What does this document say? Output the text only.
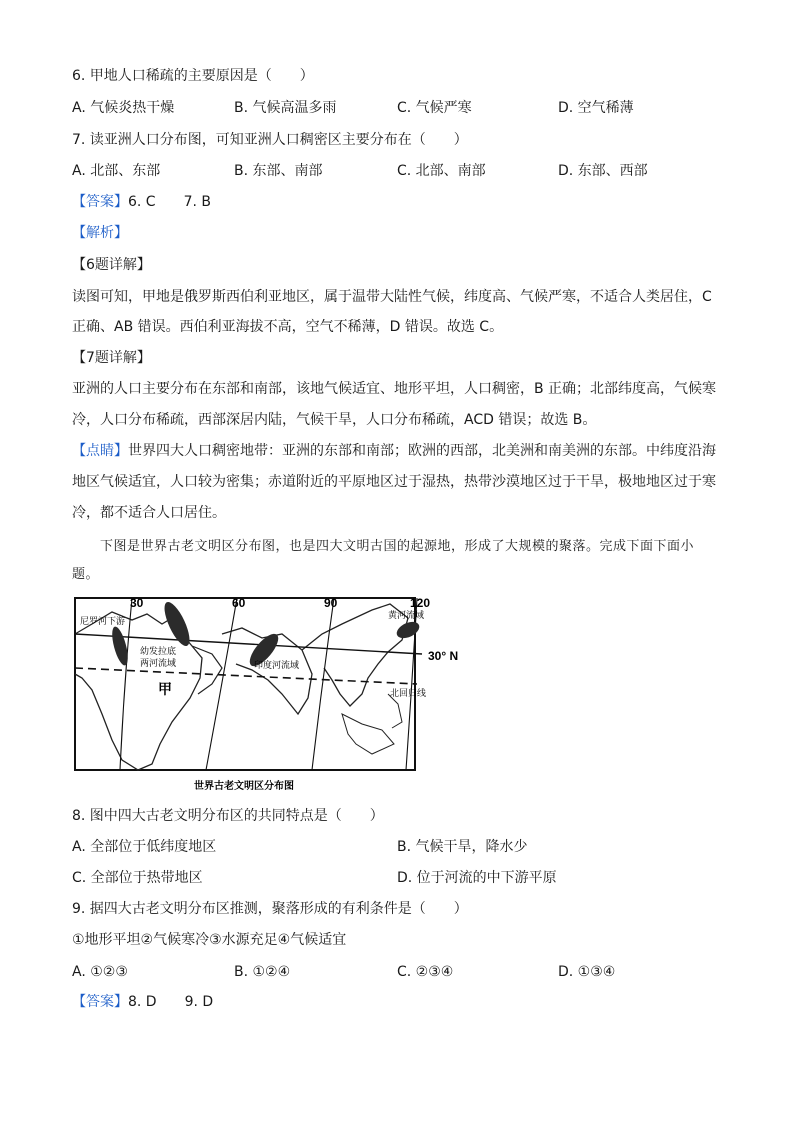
6. 甲地人口稀疏的主要原因是（　　）
A. 气候炎热干燥	B. 气候高温多雨	C. 气候严寒	D. 空气稀薄
7. 读亚洲人口分布图，可知亚洲人口稠密区主要分布在（　　）
A. 北部、东部	B. 东部、南部	C. 北部、南部	D. 东部、西部
【答案】6. C　　7. B
【解析】
【6题详解】
读图可知，甲地是俄罗斯西伯利亚地区，属于温带大陆性气候，纬度高、气候严寒，不适合人类居住，C
正确、AB 错误。西伯利亚海拔不高，空气不稀薄，D 错误。故选 C。
【7题详解】
亚洲的人口主要分布在东部和南部，该地气候适宜、地形平坦，人口稠密，B 正确；北部纬度高，气候寒
冷，人口分布稀疏，西部深居内陆，气候干旱，人口分布稀疏，ACD 错误；故选 B。
【点睛】世界四大人口稠密地带：亚洲的东部和南部；欧洲的西部，北美洲和南美洲的东部。中纬度沿海
地区气候适宜，人口较为密集；赤道附近的平原地区过于湿热，热带沙漠地区过于干旱，极地地区过于寒
冷，都不适合人口居住。
下图是世界古老文明区分布图，也是四大文明古国的起源地，形成了大规模的聚落。完成下面下面小
题。
30	60	90	120
尼罗河下游
幼发拉底
两河流域	印度河流域
黄河流域
北回归线
甲
30° N
世界古老文明区分布图
8. 图中四大古老文明分布区的共同特点是（　　）
A. 全部位于低纬度地区	B. 气候干旱，降水少
C. 全部位于热带地区	D. 位于河流的中下游平原
9. 据四大古老文明分布区推测，聚落形成的有利条件是（　　）
①地形平坦②气候寒冷③水源充足④气候适宜
A. ①②③	B. ①②④	C. ②③④	D. ①③④
【答案】8. D　　9. D
